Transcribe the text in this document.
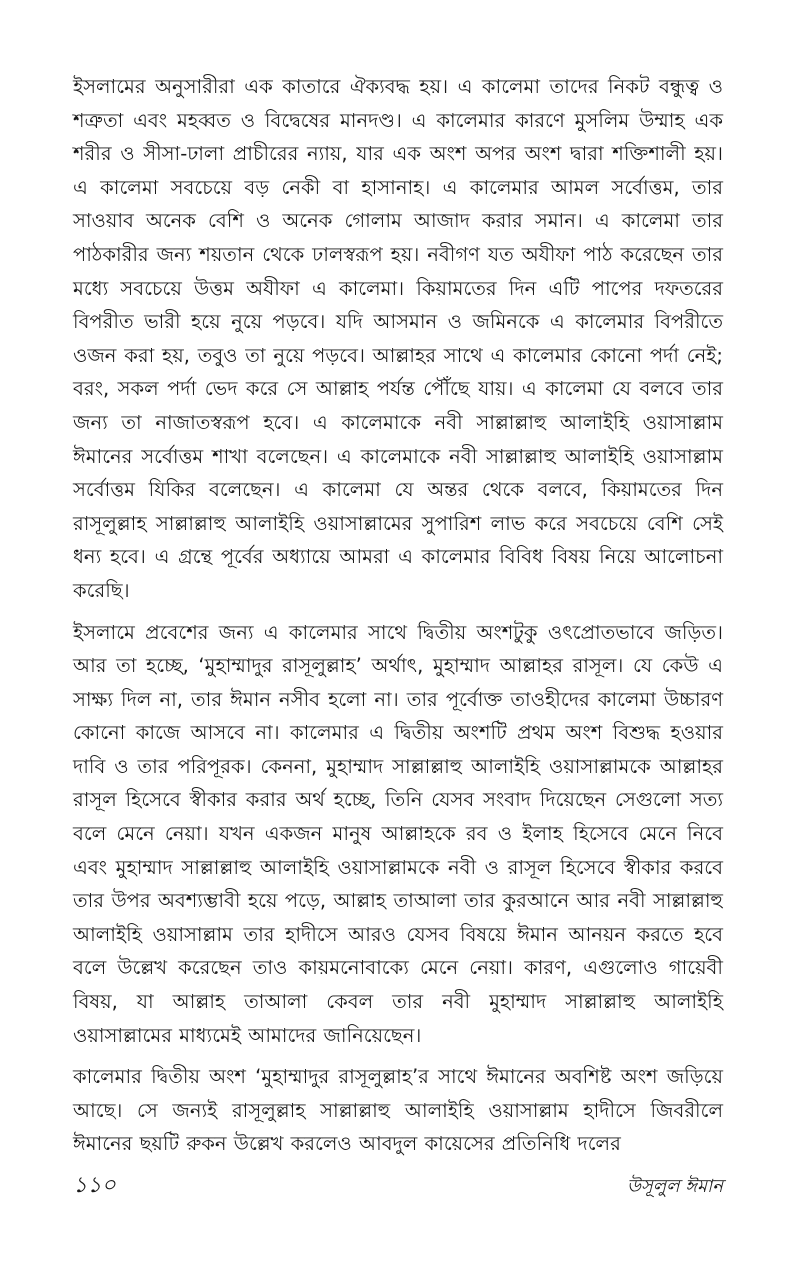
ইসলামের অনুসারীরা এক কাতারে ঐক্যবদ্ধ হয়। এ কালেমা তাদের নিকট বন্ধুত্ব ও শত্রুতা এবং মহব্বত ও বিদ্বেষের মানদণ্ড। এ কালেমার কারণে মুসলিম উম্মাহ এক শরীর ও সীসা-ঢালা প্রাচীরের ন্যায়, যার এক অংশ অপর অংশ দ্বারা শক্তিশালী হয়। এ কালেমা সবচেয়ে বড় নেকী বা হাসানাহ। এ কালেমার আমল সর্বোত্তম, তার সাওয়াব অনেক বেশি ও অনেক গোলাম আজাদ করার সমান। এ কালেমা তার পাঠকারীর জন্য শয়তান থেকে ঢালস্বরূপ হয়। নবীগণ যত অযীফা পাঠ করেছেন তার মধ্যে সবচেয়ে উত্তম অযীফা এ কালেমা। কিয়ামতের দিন এটি পাপের দফতরের বিপরীত ভারী হয়ে নুয়ে পড়বে। যদি আসমান ও জমিনকে এ কালেমার বিপরীতে ওজন করা হয়, তবুও তা নুয়ে পড়বে। আল্লাহর সাথে এ কালেমার কোনো পর্দা নেই; বরং, সকল পর্দা ভেদ করে সে আল্লাহ পর্যন্ত পৌঁছে যায়। এ কালেমা যে বলবে তার জন্য তা নাজাতস্বরূপ হবে। এ কালেমাকে নবী সাল্লাল্লাহু আলাইহি ওয়াসাল্লাম ঈমানের সর্বোত্তম শাখা বলেছেন। এ কালেমাকে নবী সাল্লাল্লাহু আলাইহি ওয়াসাল্লাম সর্বোত্তম যিকির বলেছেন। এ কালেমা যে অন্তর থেকে বলবে, কিয়ামতের দিন রাসূলুল্লাহ সাল্লাল্লাহু আলাইহি ওয়াসাল্লামের সুপারিশ লাভ করে সবচেয়ে বেশি সেই ধন্য হবে। এ গ্রন্থে পূর্বের অধ্যায়ে আমরা এ কালেমার বিবিধ বিষয় নিয়ে আলোচনা করেছি।

ইসলামে প্রবেশের জন্য এ কালেমার সাথে দ্বিতীয় অংশটুকু ওৎপ্রোতভাবে জড়িত। আর তা হচ্ছে, ‘মুহাম্মাদুর রাসূলুল্লাহ’ অর্থাৎ, মুহাম্মাদ আল্লাহর রাসূল। যে কেউ এ সাক্ষ্য দিল না, তার ঈমান নসীব হলো না। তার পূর্বোক্ত তাওহীদের কালেমা উচ্চারণ কোনো কাজে আসবে না। কালেমার এ দ্বিতীয় অংশটি প্রথম অংশ বিশুদ্ধ হওয়ার দাবি ও তার পরিপূরক। কেননা, মুহাম্মাদ সাল্লাল্লাহু আলাইহি ওয়াসাল্লামকে আল্লাহর রাসূল হিসেবে স্বীকার করার অর্থ হচ্ছে, তিনি যেসব সংবাদ দিয়েছেন সেগুলো সত্য বলে মেনে নেয়া। যখন একজন মানুষ আল্লাহকে রব ও ইলাহ হিসেবে মেনে নিবে এবং মুহাম্মাদ সাল্লাল্লাহু আলাইহি ওয়াসাল্লামকে নবী ও রাসূল হিসেবে স্বীকার করবে তার উপর অবশ্যম্ভাবী হয়ে পড়ে, আল্লাহ তাআলা তার কুরআনে আর নবী সাল্লাল্লাহু আলাইহি ওয়াসাল্লাম তার হাদীসে আরও যেসব বিষয়ে ঈমান আনয়ন করতে হবে বলে উল্লেখ করেছেন তাও কায়মনোবাক্যে মেনে নেয়া। কারণ, এগুলোও গায়েবী বিষয়, যা আল্লাহ তাআলা কেবল তার নবী মুহাম্মাদ সাল্লাল্লাহু আলাইহি ওয়াসাল্লামের মাধ্যমেই আমাদের জানিয়েছেন।

কালেমার দ্বিতীয় অংশ ‘মুহাম্মাদুর রাসূলুল্লাহ’র সাথে ঈমানের অবশিষ্ট অংশ জড়িয়ে আছে। সে জন্যই রাসূলুল্লাহ সাল্লাল্লাহু আলাইহি ওয়াসাল্লাম হাদীসে জিবরীলে ঈমানের ছয়টি রুকন উল্লেখ করলেও আবদুল কায়েসের প্রতিনিধি দলের

১১০	উসূলুল ঈমান
